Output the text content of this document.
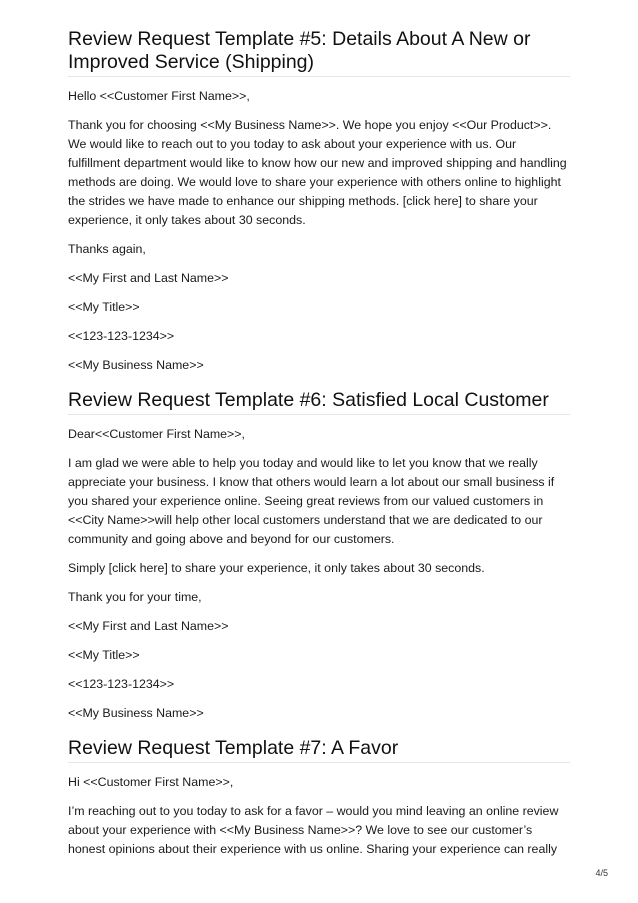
Review Request Template #5: Details About A New or Improved Service (Shipping)

Hello <<Customer First Name>>,

Thank you for choosing <<My Business Name>>. We hope you enjoy <<Our Product>>. We would like to reach out to you today to ask about your experience with us. Our fulfillment department would like to know how our new and improved shipping and handling methods are doing. We would love to share your experience with others online to highlight the strides we have made to enhance our shipping methods. [click here] to share your experience, it only takes about 30 seconds.

Thanks again,

<<My First and Last Name>>

<<My Title>>

<<123-123-1234>>

<<My Business Name>>

Review Request Template #6: Satisfied Local Customer

Dear<<Customer First Name>>,

I am glad we were able to help you today and would like to let you know that we really appreciate your business. I know that others would learn a lot about our small business if you shared your experience online. Seeing great reviews from our valued customers in <<City Name>>will help other local customers understand that we are dedicated to our community and going above and beyond for our customers.

Simply [click here] to share your experience, it only takes about 30 seconds.

Thank you for your time,

<<My First and Last Name>>

<<My Title>>

<<123-123-1234>>

<<My Business Name>>

Review Request Template #7: A Favor

Hi <<Customer First Name>>,

I’m reaching out to you today to ask for a favor – would you mind leaving an online review about your experience with <<My Business Name>>? We love to see our customer’s honest opinions about their experience with us online. Sharing your experience can really

4/5
